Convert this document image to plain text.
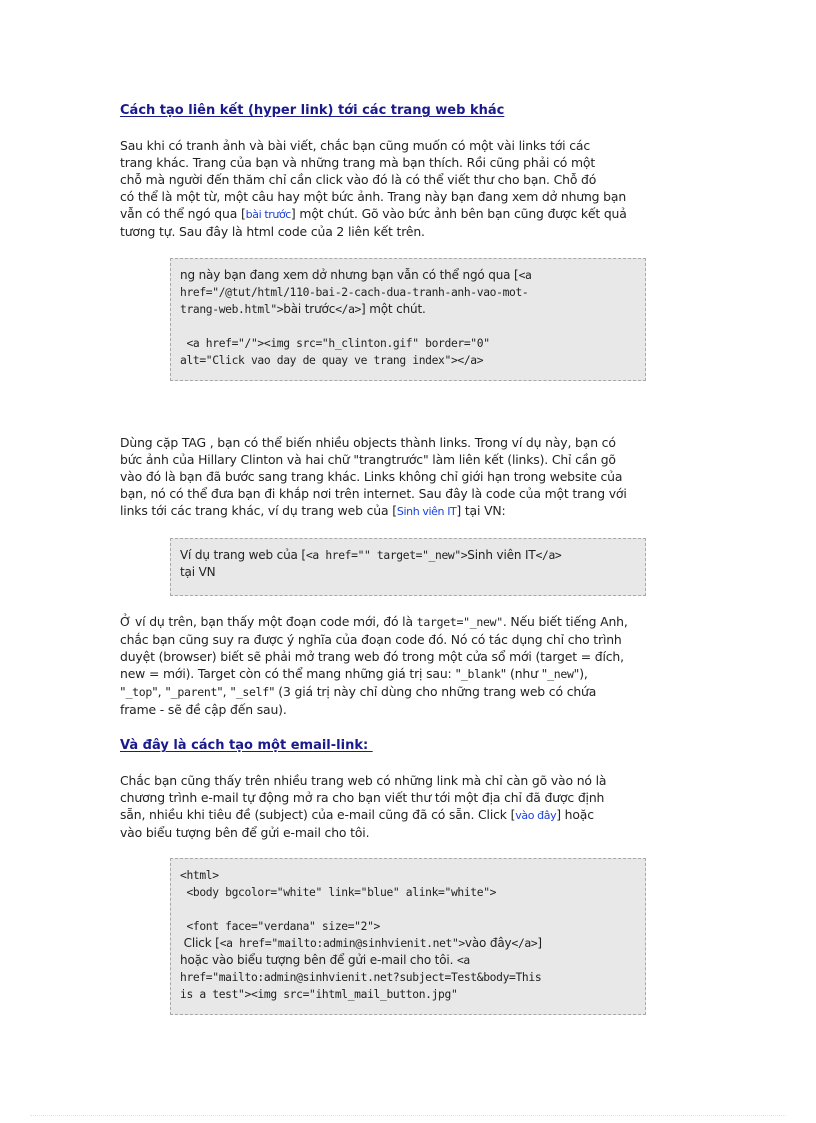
Cách tạo liên kết (hyper link) tới các trang web khác
Sau khi có tranh ảnh và bài viết, chắc bạn cũng muốn có một vài links tới các
trang khác. Trang của bạn và những trang mà bạn thích. Rồi cũng phải có một
chỗ mà người đến thăm chỉ cần click vào đó là có thể viết thư cho bạn. Chỗ đó
có thể là một từ, một câu hay một bức ảnh. Trang này bạn đang xem dở nhưng bạn
vẫn có thể ngó qua [bài trước] một chút. Gõ vào bức ảnh bên bạn cũng được kết quả
tương tự. Sau đây là html code của 2 liên kết trên.
ng này bạn đang xem dở nhưng bạn vẫn có thể ngó qua [<a
href="/@tut/html/110-bai-2-cach-dua-tranh-anh-vao-mot-
trang-web.html">bài trước</a>] một chút.
<a href="/"><img src="h_clinton.gif" border="0"
alt="Click vao day de quay ve trang index"></a>
Dùng cặp TAG , bạn có thể biến nhiều objects thành links. Trong ví dụ này, bạn có
bức ảnh của Hillary Clinton và hai chữ "trangtrước" làm liên kết (links). Chỉ cần gõ
vào đó là bạn đã bước sang trang khác. Links không chỉ giới hạn trong website của
bạn, nó có thể đưa bạn đi khắp nơi trên internet. Sau đây là code của một trang với
links tới các trang khác, ví dụ trang web của [Sinh viên IT] tại VN:
Ví dụ trang web của [<a href="" target="_new">Sinh viên IT</a>
tại VN
Ở ví dụ trên, bạn thấy một đoạn code mới, đó là target="_new". Nếu biết tiếng Anh,
chắc bạn cũng suy ra được ý nghĩa của đoạn code đó. Nó có tác dụng chỉ cho trình
duyệt (browser) biết sẽ phải mở trang web đó trong một cửa sổ mới (target = đích,
new = mới). Target còn có thể mang những giá trị sau: "_blank" (như "_new"),
"_top", "_parent", "_self" (3 giá trị này chỉ dùng cho những trang web có chứa
frame - sẽ đề cập đến sau).
Và đây là cách tạo một email-link:
Chắc bạn cũng thấy trên nhiều trang web có những link mà chỉ càn gõ vào nó là
chương trình e-mail tự động mở ra cho bạn viết thư tới một địa chỉ đã được định
sẵn, nhiều khi tiêu đề (subject) của e-mail cũng đã có sẵn. Click [vào đây] hoặc
vào biểu tượng bên để gửi e-mail cho tôi.
<html>
<body bgcolor="white" link="blue" alink="white">
<font face="verdana" size="2">
Click [<a href="mailto:admin@sinhvienit.net">vào đây</a>]
hoặc vào biểu tượng bên để gửi e-mail cho tôi. <a
href="mailto:admin@sinhvienit.net?subject=Test&body=This
is a test"><img src="ihtml_mail_button.jpg"
